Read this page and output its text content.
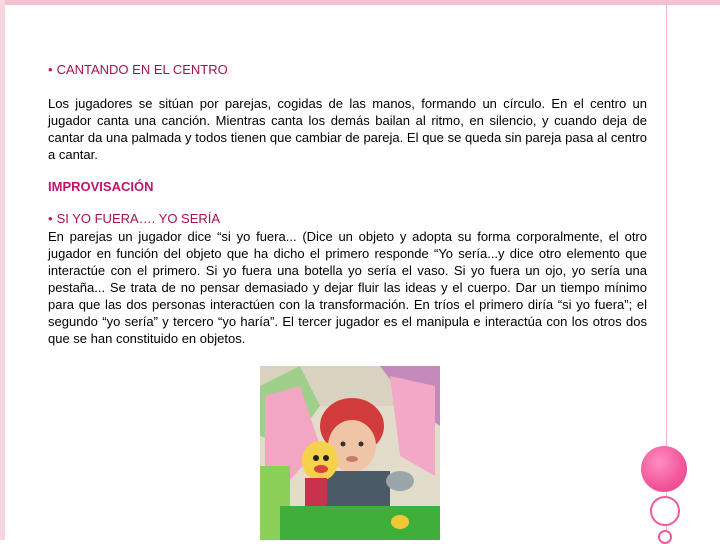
• CANTANDO EN EL CENTRO

Los jugadores se sitúan por parejas, cogidas de las manos, formando un círculo. En el centro un jugador canta una canción. Mientras canta los demás bailan al ritmo, en silencio, y cuando deja de cantar da una palmada y todos tienen que cambiar de pareja. El que se queda sin pareja pasa al centro a cantar.

IMPROVISACIÓN
• SI YO FUERA…. YO SERÍA

En parejas un jugador dice “si yo fuera... (Dice un objeto y adopta su forma corporalmente, el otro jugador en función del objeto que ha dicho el primero responde “Yo sería...y dice otro elemento que interactúe con el primero. Si yo fuera una botella yo sería el vaso. Si yo fuera un ojo, yo sería una pestaña... Se trata de no pensar demasiado y dejar fluir las ideas y el cuerpo. Dar un tiempo mínimo para que las dos personas interactúen con la transformación. En tríos el primero diría “si yo fuera”; el segundo “yo sería” y tercero “yo haría”. El tercer jugador es el manipula e interactúa con los otros dos que se han constituido en objetos.
